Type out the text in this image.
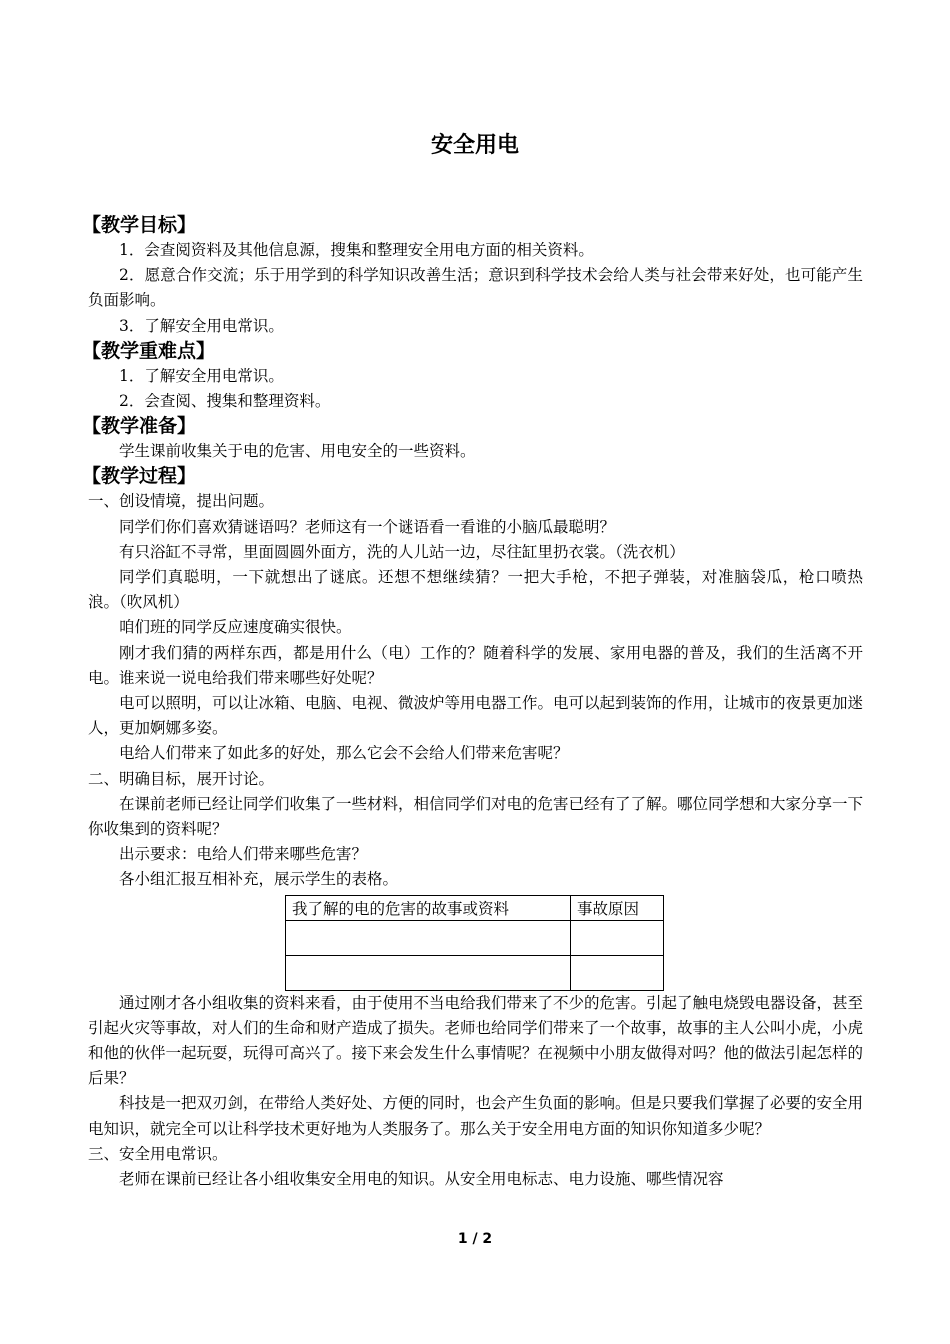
安全用电
【教学目标】
1．会查阅资料及其他信息源，搜集和整理安全用电方面的相关资料。
2．愿意合作交流；乐于用学到的科学知识改善生活；意识到科学技术会给人类与社会带来好处，也可能产生负面影响。
3．了解安全用电常识。
【教学重难点】
1．了解安全用电常识。
2．会查阅、搜集和整理资料。
【教学准备】
学生课前收集关于电的危害、用电安全的一些资料。
【教学过程】
一、创设情境，提出问题。
同学们你们喜欢猜谜语吗？老师这有一个谜语看一看谁的小脑瓜最聪明？
有只浴缸不寻常，里面圆圆外面方，洗的人儿站一边，尽往缸里扔衣裳。（洗衣机）
同学们真聪明，一下就想出了谜底。还想不想继续猜？一把大手枪，不把子弹装，对准脑袋瓜，枪口喷热浪。（吹风机）
咱们班的同学反应速度确实很快。
刚才我们猜的两样东西，都是用什么（电）工作的？随着科学的发展、家用电器的普及，我们的生活离不开电。谁来说一说电给我们带来哪些好处呢？
电可以照明，可以让冰箱、电脑、电视、微波炉等用电器工作。电可以起到装饰的作用，让城市的夜景更加迷人，更加婀娜多姿。
电给人们带来了如此多的好处，那么它会不会给人们带来危害呢？
二、明确目标，展开讨论。
在课前老师已经让同学们收集了一些材料，相信同学们对电的危害已经有了了解。哪位同学想和大家分享一下你收集到的资料呢？
出示要求：电给人们带来哪些危害？
各小组汇报互相补充，展示学生的表格。
我了解的电的危害的故事或资料	事故原因

通过刚才各小组收集的资料来看，由于使用不当电给我们带来了不少的危害。引起了触电烧毁电器设备，甚至引起火灾等事故，对人们的生命和财产造成了损失。老师也给同学们带来了一个故事，故事的主人公叫小虎，小虎和他的伙伴一起玩耍，玩得可高兴了。接下来会发生什么事情呢？在视频中小朋友做得对吗？他的做法引起怎样的后果？
科技是一把双刃剑，在带给人类好处、方便的同时，也会产生负面的影响。但是只要我们掌握了必要的安全用电知识，就完全可以让科学技术更好地为人类服务了。那么关于安全用电方面的知识你知道多少呢？
三、安全用电常识。
老师在课前已经让各小组收集安全用电的知识。从安全用电标志、电力设施、哪些情况容
1 / 2
